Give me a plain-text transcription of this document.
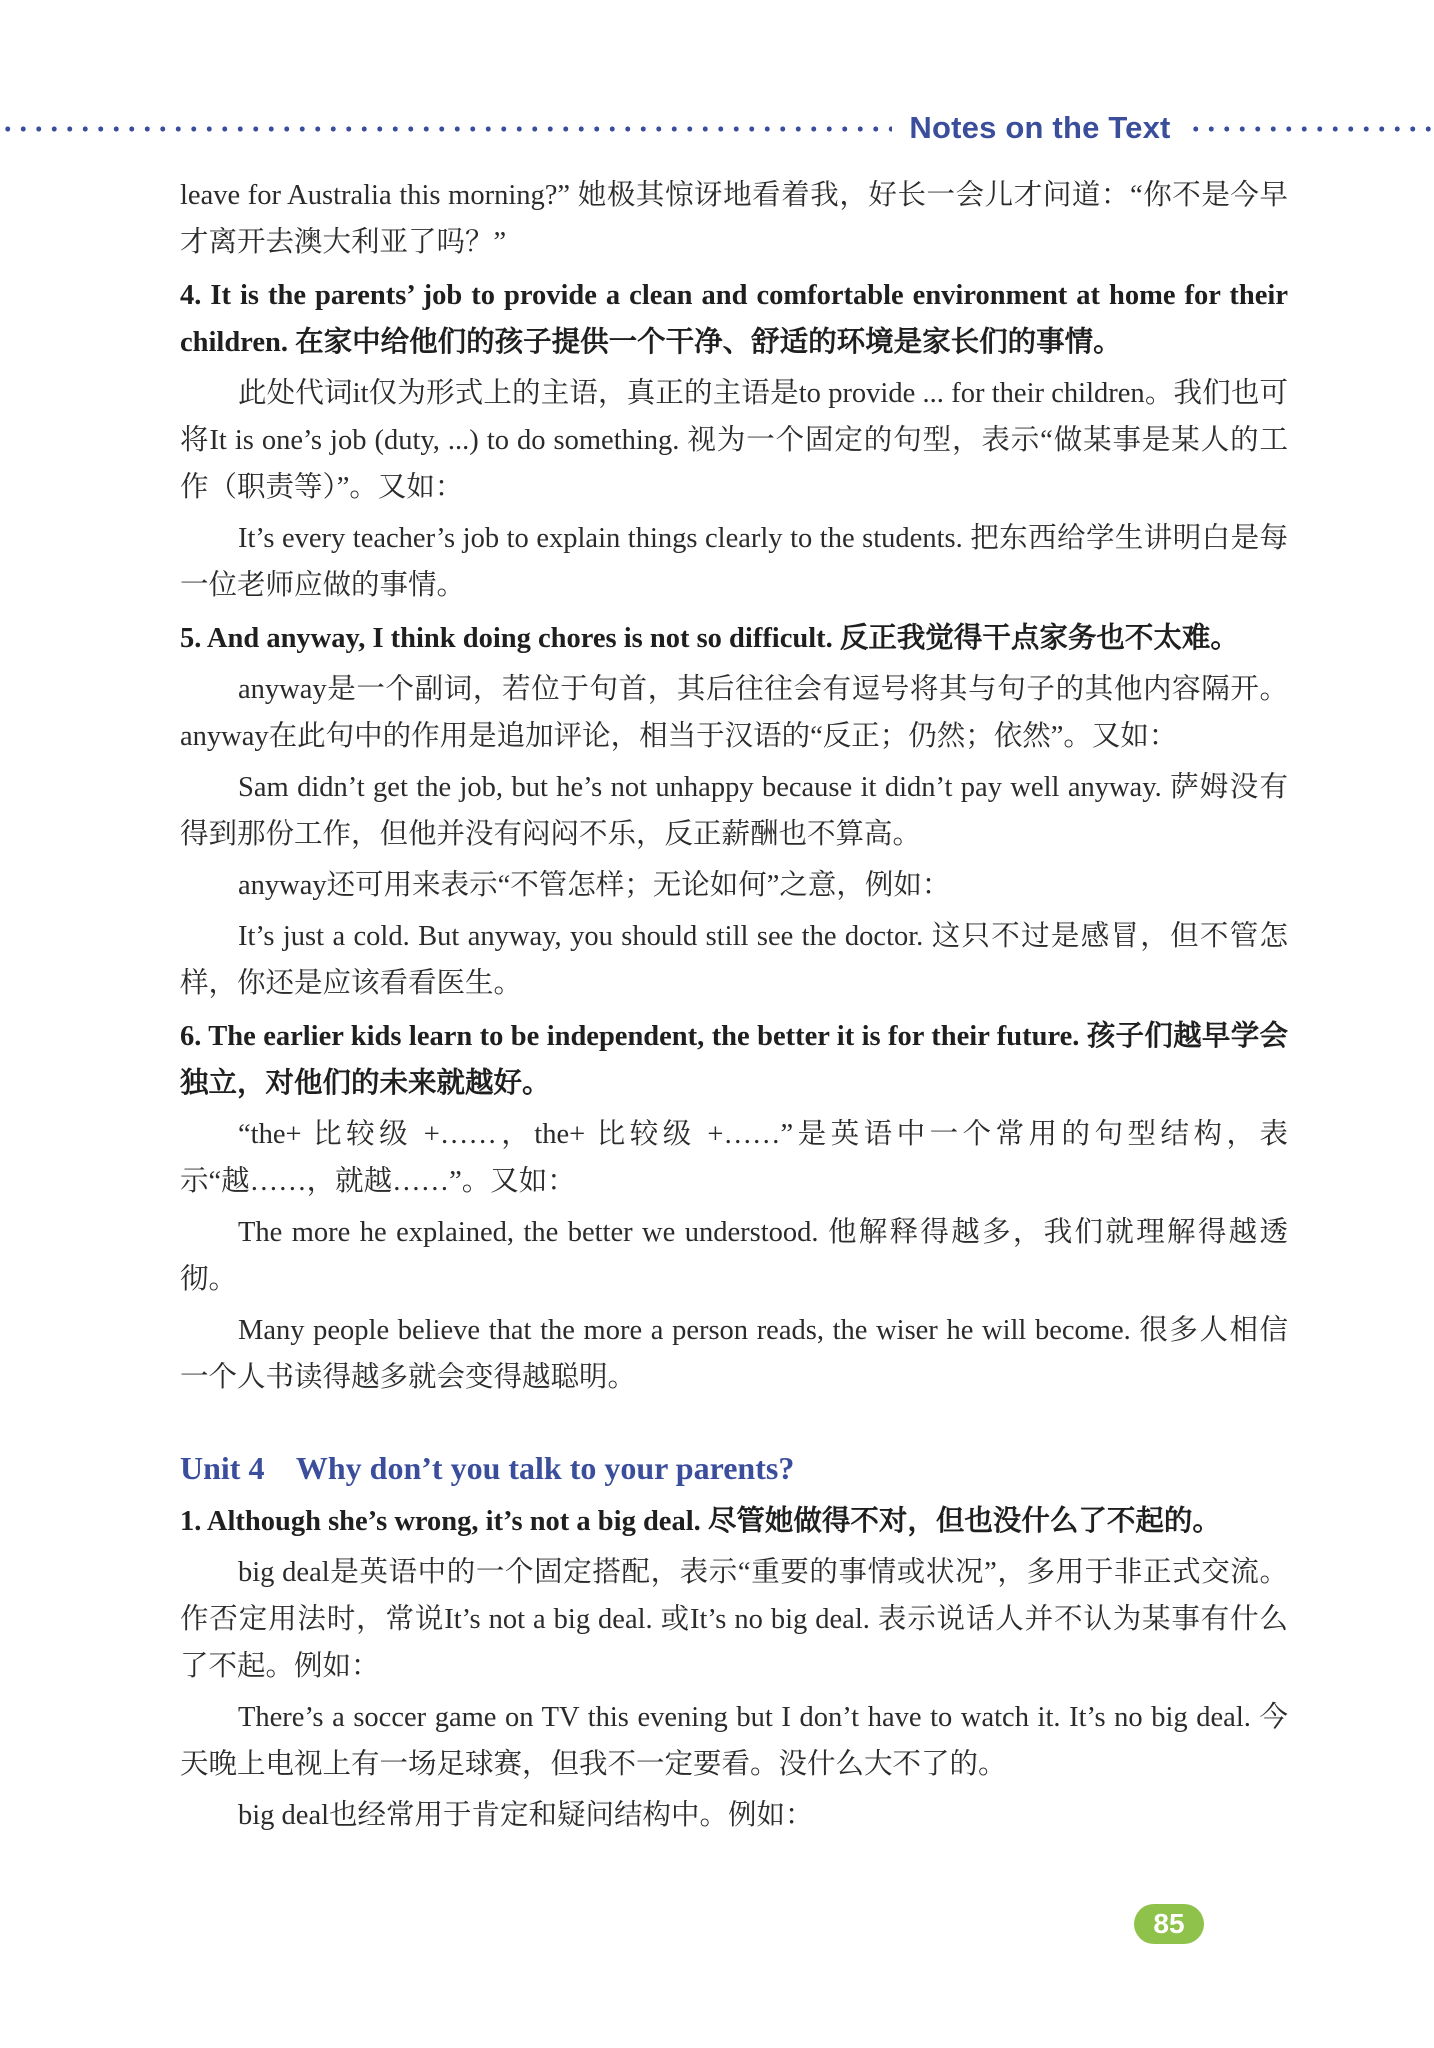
Notes on the Text

leave for Australia this morning?” 她极其惊讶地看着我，好长一会儿才问道：“你不是今早才离开去澳大利亚了吗？”

4. It is the parents’ job to provide a clean and comfortable environment at home for their children. 在家中给他们的孩子提供一个干净、舒适的环境是家长们的事情。

此处代词it仅为形式上的主语，真正的主语是to provide ... for their children。我们也可将It is one’s job (duty, ...) to do something. 视为一个固定的句型，表示“做某事是某人的工作（职责等）”。又如：

It’s every teacher’s job to explain things clearly to the students. 把东西给学生讲明白是每一位老师应做的事情。

5. And anyway, I think doing chores is not so difficult. 反正我觉得干点家务也不太难。

anyway是一个副词，若位于句首，其后往往会有逗号将其与句子的其他内容隔开。anyway在此句中的作用是追加评论，相当于汉语的“反正；仍然；依然”。又如：

Sam didn’t get the job, but he’s not unhappy because it didn’t pay well anyway. 萨姆没有得到那份工作，但他并没有闷闷不乐，反正薪酬也不算高。

anyway还可用来表示“不管怎样；无论如何”之意，例如：

It’s just a cold. But anyway, you should still see the doctor. 这只不过是感冒，但不管怎样，你还是应该看看医生。

6. The earlier kids learn to be independent, the better it is for their future. 孩子们越早学会独立，对他们的未来就越好。

“the+ 比较级 +……，the+ 比较级 +……”是英语中一个常用的句型结构，表示“越……，就越……”。又如：

The more he explained, the better we understood. 他解释得越多，我们就理解得越透彻。

Many people believe that the more a person reads, the wiser he will become. 很多人相信一个人书读得越多就会变得越聪明。

Unit 4    Why don’t you talk to your parents?

1. Although she’s wrong, it’s not a big deal. 尽管她做得不对，但也没什么了不起的。

big deal是英语中的一个固定搭配，表示“重要的事情或状况”，多用于非正式交流。作否定用法时，常说It’s not a big deal. 或It’s no big deal. 表示说话人并不认为某事有什么了不起。例如：

There’s a soccer game on TV this evening but I don’t have to watch it. It’s no big deal. 今天晚上电视上有一场足球赛，但我不一定要看。没什么大不了的。

big deal也经常用于肯定和疑问结构中。例如：

85
